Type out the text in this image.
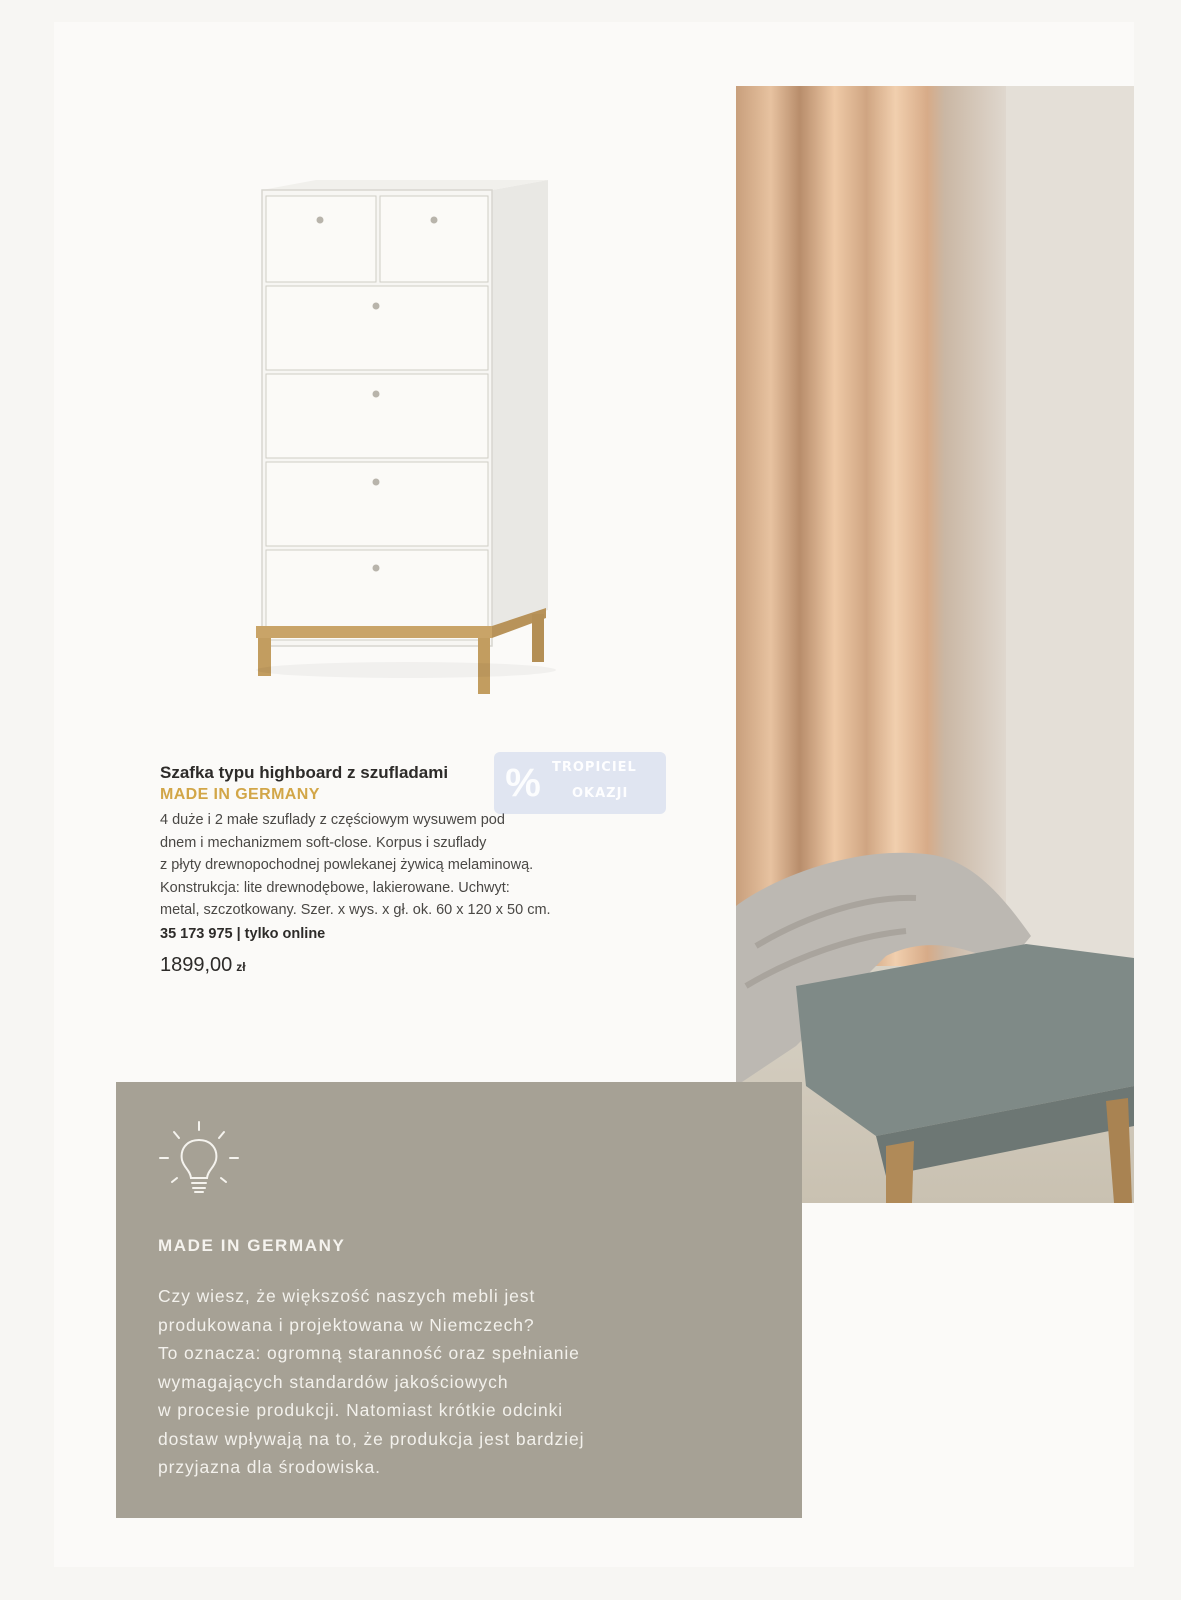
Szafka typu highboard z szufladami
MADE IN GERMANY
4 duże i 2 małe szuflady z częściowym wysuwem pod
dnem i mechanizmem soft-close. Korpus i szuflady
z płyty drewnopochodnej powlekanej żywicą melaminową.
Konstrukcja: lite drewnodębowe, lakierowane. Uchwyt:
metal, szczotkowany. Szer. x wys. x gł. ok. 60 x 120 x 50 cm.
35 173 975 | tylko online
1899,00 zł
% TROPICIEL
OKAZJI
MADE IN GERMANY
Czy wiesz, że większość naszych mebli jest
produkowana i projektowana w Niemczech?
To oznacza: ogromną staranność oraz spełnianie
wymagających standardów jakościowych
w procesie produkcji. Natomiast krótkie odcinki
dostaw wpływają na to, że produkcja jest bardziej
przyjazna dla środowiska.
